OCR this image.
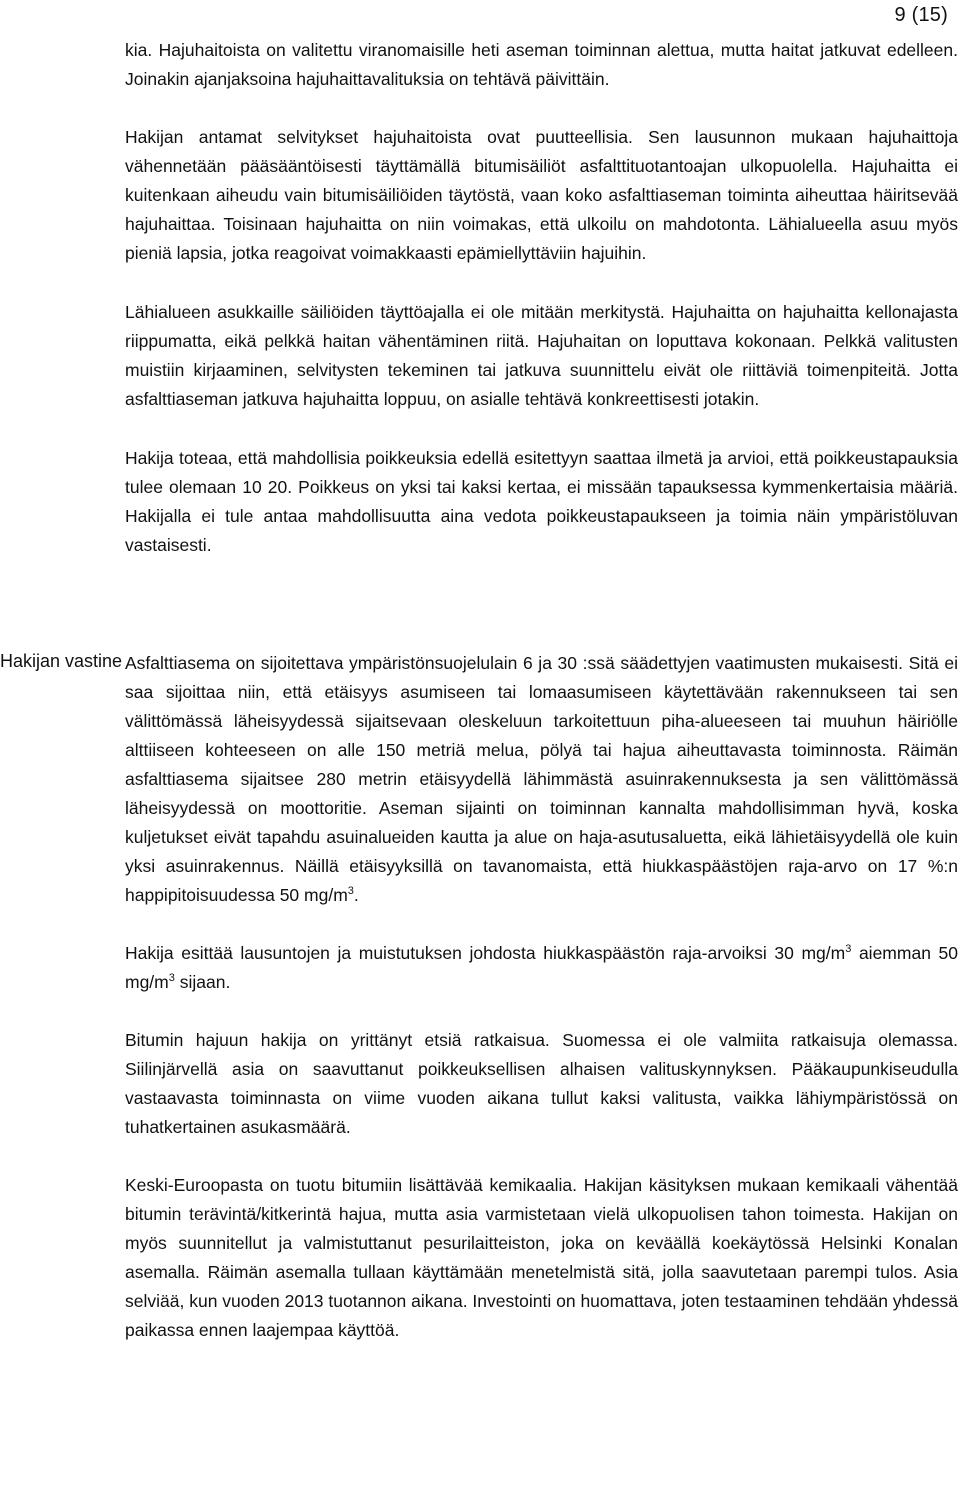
9 (15)
Hakijan vastine

kia. Hajuhaitoista on valitettu viranomaisille heti aseman toiminnan alettua, mutta haitat jatkuvat edelleen. Joinakin ajanjaksoina hajuhaittavalituksia on tehtävä päivittäin.

Hakijan antamat selvitykset hajuhaitoista ovat puutteellisia. Sen lausunnon mukaan hajuhaittoja vähennetään pääsääntöisesti täyttämällä bitumisäiliöt asfalttituotantoajan ulkopuolella. Hajuhaitta ei kuitenkaan aiheudu vain bitumisäiliöiden täytöstä, vaan koko asfalttiaseman toiminta aiheuttaa häiritsevää hajuhaittaa. Toisinaan hajuhaitta on niin voimakas, että ulkoilu on mahdotonta. Lähialueella asuu myös pieniä lapsia, jotka reagoivat voimakkaasti epämiellyttäviin hajuihin.

Lähialueen asukkaille säiliöiden täyttöajalla ei ole mitään merkitystä. Hajuhaitta on hajuhaitta kellonajasta riippumatta, eikä pelkkä haitan vähentäminen riitä. Hajuhaitan on loputtava kokonaan. Pelkkä valitusten muistiin kirjaaminen, selvitysten tekeminen tai jatkuva suunnittelu eivät ole riittäviä toimenpiteitä. Jotta asfalttiaseman jatkuva hajuhaitta loppuu, on asialle tehtävä konkreettisesti jotakin.

Hakija toteaa, että mahdollisia poikkeuksia edellä esitettyyn saattaa ilmetä ja arvioi, että poikkeustapauksia tulee olemaan 10 20. Poikkeus on yksi tai kaksi kertaa, ei missään tapauksessa kymmenkertaisia määriä. Hakijalla ei tule antaa mahdollisuutta aina vedota poikkeustapaukseen ja toimia näin ympäristöluvan vastaisesti.

Asfalttiasema on sijoitettava ympäristönsuojelulain 6 ja 30 :ssä säädettyjen vaatimusten mukaisesti. Sitä ei saa sijoittaa niin, että etäisyys asumiseen tai lomaasumiseen käytettävään rakennukseen tai sen välittömässä läheisyydessä sijaitsevaan oleskeluun tarkoitettuun piha-alueeseen tai muuhun häiriölle alttiiseen kohteeseen on alle 150 metriä melua, pölyä tai hajua aiheuttavasta toiminnosta. Räimän asfalttiasema sijaitsee 280 metrin etäisyydellä lähimmästä asuinrakennuksesta ja sen välittömässä läheisyydessä on moottoritie. Aseman sijainti on toiminnan kannalta mahdollisimman hyvä, koska kuljetukset eivät tapahdu asuinalueiden kautta ja alue on haja-asutusaluetta, eikä lähietäisyydellä ole kuin yksi asuinrakennus. Näillä etäisyyksillä on tavanomaista, että hiukkaspäästöjen raja-arvo on 17 %:n happipitoisuudessa 50 $mg/m^3$.

Hakija esittää lausuntojen ja muistutuksen johdosta hiukkaspäästön raja-arvoiksi 30 $mg/m^3$ aiemman 50 $mg/m^3$ sijaan.

Bitumin hajuun hakija on yrittänyt etsiä ratkaisua. Suomessa ei ole valmiita ratkaisuja olemassa. Siilinjärvellä asia on saavuttanut poikkeuksellisen alhaisen valituskynnyksen. Pääkaupunkiseudulla vastaavasta toiminnasta on viime vuoden aikana tullut kaksi valitusta, vaikka lähiympäristössä on tuhatkertainen asukasmäärä.

Keski-Euroopasta on tuotu bitumiin lisättävää kemikaalia. Hakijan käsityksen mukaan kemikaali vähentää bitumin terävintä/kitkerintä hajua, mutta asia varmistetaan vielä ulkopuolisen tahon toimesta. Hakijan on myös suunnitellut ja valmistuttanut pesurilaitteiston, joka on keväällä koekäytössä Helsinki Konalan asemalla. Räimän asemalla tullaan käyttämään menetelmistä sitä, jolla saavutetaan parempi tulos. Asia selviää, kun vuoden 2013 tuotannon aikana. Investointi on huomattava, joten testaaminen tehdään yhdessä paikassa ennen laajempaa käyttöä.
